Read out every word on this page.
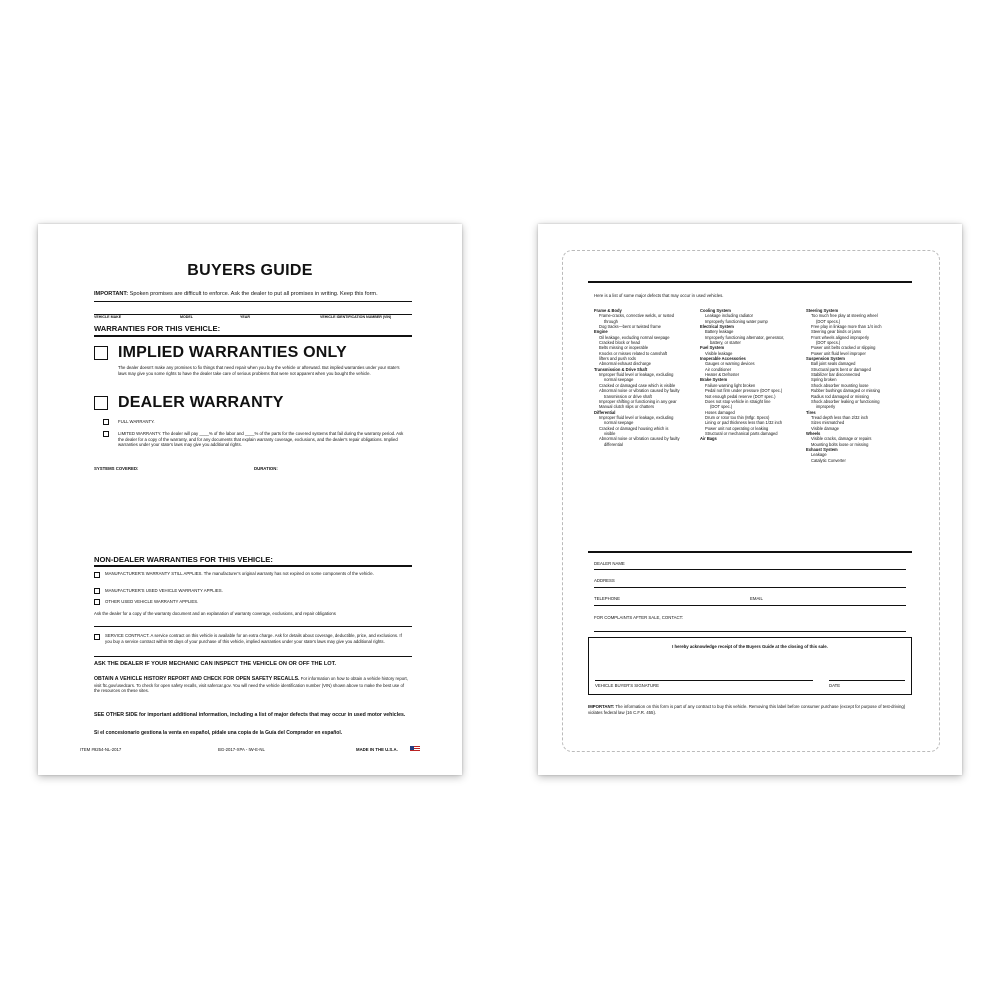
BUYERS GUIDE
IMPORTANT: Spoken promises are difficult to enforce. Ask the dealer to put all promises in writing. Keep this form.
VEHICLE MAKE	MODEL	YEAR	VEHICLE IDENTIFICATION NUMBER (VIN)
WARRANTIES FOR THIS VEHICLE:
IMPLIED WARRANTIES ONLY
The dealer doesn't make any promises to fix things that need repair when you buy the vehicle or afterward. But implied warranties under your state's laws may give you some rights to have the dealer take care of serious problems that were not apparent when you bought the vehicle.
DEALER WARRANTY
FULL WARRANTY.
LIMITED WARRANTY. The dealer will pay ____% of the labor and ____% of the parts for the covered systems that fail during the warranty period. Ask the dealer for a copy of the warranty, and for any documents that explain warranty coverage, exclusions, and the dealer's repair obligations. Implied warranties under your state's laws may give you additional rights.
SYSTEMS COVERED:	DURATION:
NON-DEALER WARRANTIES FOR THIS VEHICLE:
MANUFACTURER'S WARRANTY STILL APPLIES. The manufacturer's original warranty has not expired on some components of the vehicle.
MANUFACTURER'S USED VEHICLE WARRANTY APPLIES.
OTHER USED VEHICLE WARRANTY APPLIES.
Ask the dealer for a copy of the warranty document and an explanation of warranty coverage, exclusions, and repair obligations
SERVICE CONTRACT. A service contract on this vehicle is available for an extra charge. Ask for details about coverage, deductible, price, and exclusions. If you buy a service contract within 90 days of your purchase of this vehicle, implied warranties under your state's laws may give you additional rights.
ASK THE DEALER IF YOUR MECHANIC CAN INSPECT THE VEHICLE ON OR OFF THE LOT.
OBTAIN A VEHICLE HISTORY REPORT AND CHECK FOR OPEN SAFETY RECALLS. For information on how to obtain a vehicle history report, visit ftc.gov/usedcars. To check for open safety recalls, visit safercar.gov. You will need the vehicle identification number (VIN) shown above to make the best use of the resources on these sites.
SEE OTHER SIDE for important additional information, including a list of major defects that may occur in used motor vehicles.
Si el concesionario gestiona la venta en español, pídale una copia de la Guía del Comprador en español.
ITEM #9254-NL-2017	BG-2017-XPA - IW-E-NL	MADE IN THE U.S.A.
Here is a list of some major defects that may occur in used vehicles.
Frame & Body
Frame-cracks, corrective welds, or rusted
through
Dog tracks—bent or twisted frame
Engine
Oil leakage, excluding normal seepage
Cracked block or head
Belts missing or inoperable
Knocks or misses related to camshaft
lifters and push rods
Abnormal exhaust discharge
Transmission & Drive Shaft
Improper fluid level or leakage, excluding
normal seepage
Cracked or damaged case which is visible
Abnormal noise or vibration caused by faulty
transmission or drive shaft
Improper shifting or functioning in any gear
Manual clutch slips or chatters
Differential
Improper fluid level or leakage, excluding
normal seepage
Cracked or damaged housing which is
visible
Abnormal noise or vibration caused by faulty
differential
Cooling System
Leakage including radiator
Improperly functioning water pump
Electrical System
Battery leakage
Improperly functioning alternator, generator,
battery, or starter
Fuel System
Visible leakage
Inoperable Accessories
Gauges or warning devices
Air conditioner
Heater & Defroster
Brake System
Failure warning light broken
Pedal not firm under pressure (DOT spec.)
Not enough pedal reserve (DOT spec.)
Does not stop vehicle in straight line
(DOT spec.)
Hoses damaged
Drum or rotor too thin (Mfgr. Specs)
Lining or pad thickness less than 1/32 inch
Power unit not operating or leaking
Structural or mechanical parts damaged
Air Bags
Steering System
Too much free play at steering wheel
(DOT specs.)
Free play in linkage more than 1/4 inch
Steering gear binds or jams
Front wheels aligned improperly
(DOT specs.)
Power unit belts cracked or slipping
Power unit fluid level improper
Suspension System
Ball joint seals damaged
Structural parts bent or damaged
Stabilizer bar disconnected
Spring broken
Shock absorber mounting loose
Rubber bushings damaged or missing
Radius rod damaged or missing
Shock absorber leaking or functioning
improperly
Tires
Tread depth less than 2/32 inch
Sizes mismatched
Visible damage
Wheels
Visible cracks, damage or repairs
Mounting bolts loose or missing
Exhaust System
Leakage
Catalytic Converter
DEALER NAME
ADDRESS
TELEPHONE	EMAIL
FOR COMPLAINTS AFTER SALE, CONTACT:
I hereby acknowledge receipt of the Buyers Guide at the closing of this sale.
VEHICLE BUYER'S SIGNATURE	DATE
IMPORTANT: The information on this form is part of any contract to buy this vehicle. Removing this label before consumer purchase (except for purpose of test-driving) violates federal law (16 C.F.R. 455).
